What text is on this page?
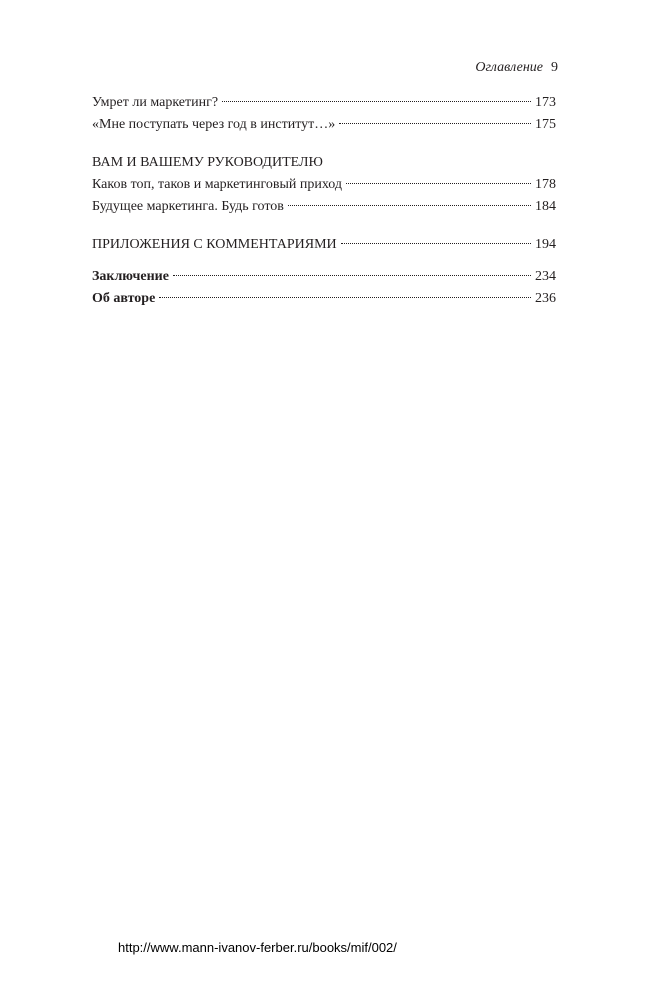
Оглавление 9
Умрет ли маркетинг?	173
«Мне поступать через год в институт…»	175
ВАМ И ВАШЕМУ РУКОВОДИТЕЛЮ
Каков топ, таков и маркетинговый приход	178
Будущее маркетинга. Будь готов	184
ПРИЛОЖЕНИЯ С КОММЕНТАРИЯМИ	194
Заключение	234
Об авторе	236
http://www.mann-ivanov-ferber.ru/books/mif/002/
